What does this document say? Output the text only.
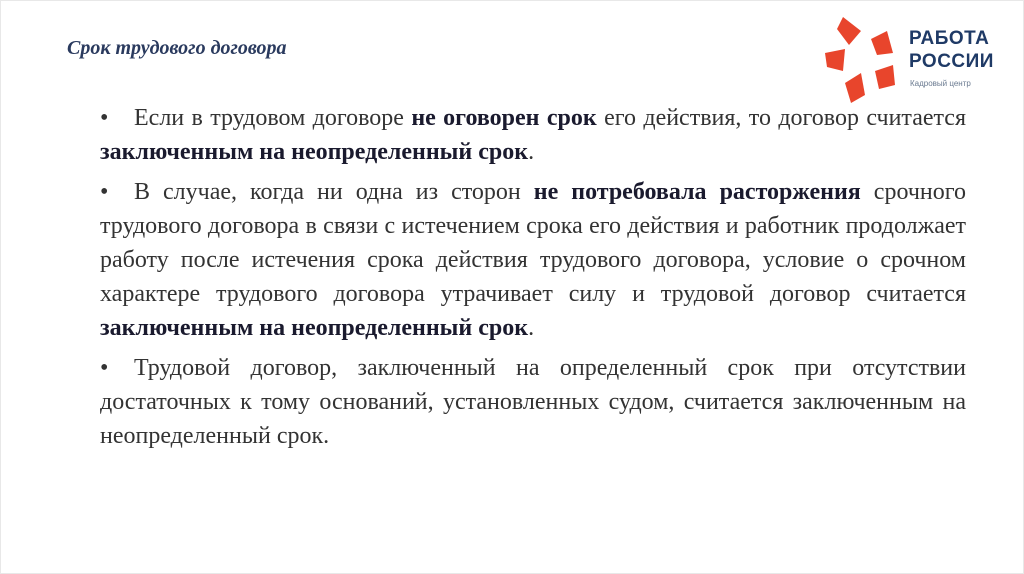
Срок трудового договора	РАБОТА
РОССИИ
Кадровый центр

• Если в трудовом договоре не оговорен срок его действия, то договор считается заключенным на неопределенный срок.

• В случае, когда ни одна из сторон не потребовала расторжения срочного трудового договора в связи с истечением срока его действия и работник продолжает работу после истечения срока действия трудового договора, условие о срочном характере трудового договора утрачивает силу и трудовой договор считается заключенным на неопределенный срок.

• Трудовой договор, заключенный на определенный срок при отсутствии достаточных к тому оснований, установленных судом, считается заключенным на неопределенный срок.
